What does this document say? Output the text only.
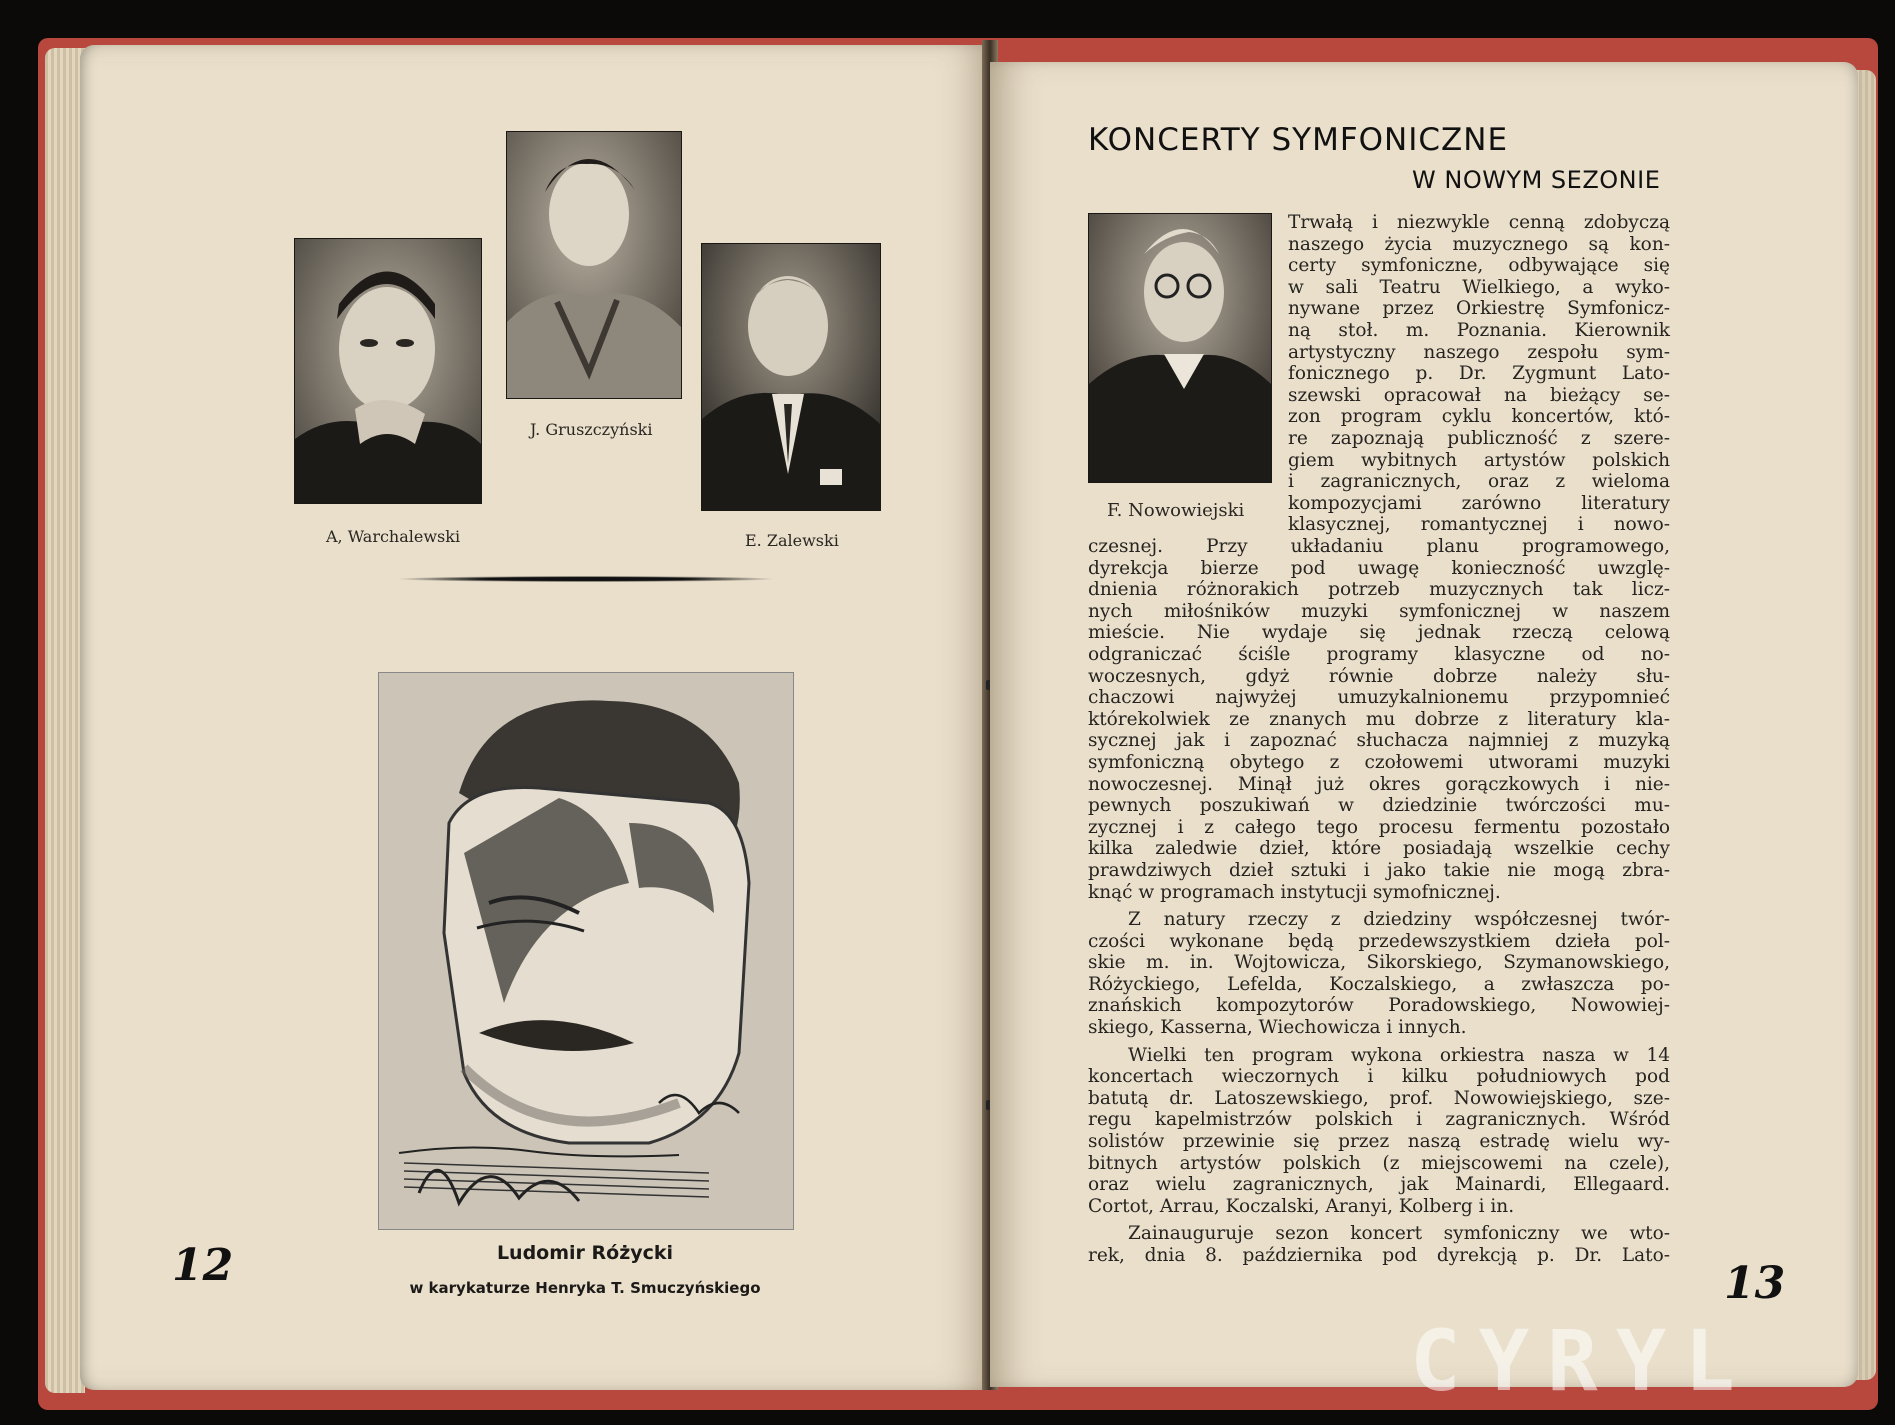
A, Warchalewski
J. Gruszczyński
E. Zalewski
Ludomir Różycki
w karykaturze Henryka T. Smuczyńskiego
12
KONCERTY SYMFONICZNE
W NOWYM SEZONIE
F. Nowowiejski
Trwałą i niezwykle cenną zdobyczą
naszego życia muzycznego są kon-
certy symfoniczne, odbywające się
w sali Teatru Wielkiego, a wyko-
nywane przez Orkiestrę Symfonicz-
ną stoł. m. Poznania. Kierownik
artystyczny naszego zespołu sym-
fonicznego p. Dr. Zygmunt Lato-
szewski opracował na bieżący se-
zon program cyklu koncertów, któ-
re zapoznają publiczność z szere-
giem wybitnych artystów polskich
i zagranicznych, oraz z wieloma
kompozycjami zarówno literatury
klasycznej, romantycznej i nowo-
czesnej. Przy układaniu planu programowego,
dyrekcja bierze pod uwagę konieczność uwzglę-
dnienia różnorakich potrzeb muzycznych tak licz-
nych miłośników muzyki symfonicznej w naszem
mieście. Nie wydaje się jednak rzeczą celową
odgraniczać ściśle programy klasyczne od no-
woczesnych, gdyż równie dobrze należy słu-
chaczowi najwyżej umuzykalnionemu przypomnieć
którekolwiek ze znanych mu dobrze z literatury kla-
sycznej jak i zapoznać słuchacza najmniej z muzyką
symfoniczną obytego z czołowemi utworami muzyki
nowoczesnej. Minął już okres gorączkowych i nie-
pewnych poszukiwań w dziedzinie twórczości mu-
zycznej i z całego tego procesu fermentu pozostało
kilka zaledwie dzieł, które posiadają wszelkie cechy
prawdziwych dzieł sztuki i jako takie nie mogą zbra-
knąć w programach instytucji symofnicznej.
Z natury rzeczy z dziedziny współczesnej twór-
czości wykonane będą przedewszystkiem dzieła pol-
skie m. in. Wojtowicza, Sikorskiego, Szymanowskiego,
Różyckiego, Lefelda, Koczalskiego, a zwłaszcza po-
znańskich kompozytorów Poradowskiego, Nowowiej-
skiego, Kasserna, Wiechowicza i innych.
Wielki ten program wykona orkiestra nasza w 14
koncertach wieczornych i kilku południowych pod
batutą dr. Latoszewskiego, prof. Nowowiejskiego, sze-
regu kapelmistrzów polskich i zagranicznych. Wśród
solistów przewinie się przez naszą estradę wielu wy-
bitnych artystów polskich (z miejscowemi na czele),
oraz wielu zagranicznych, jak Mainardi, Ellegaard.
Cortot, Arrau, Koczalski, Aranyi, Kolberg i in.
Zainauguruje sezon koncert symfoniczny we wto-
rek, dnia 8. października pod dyrekcją p. Dr. Lato-
13
CYRYL
